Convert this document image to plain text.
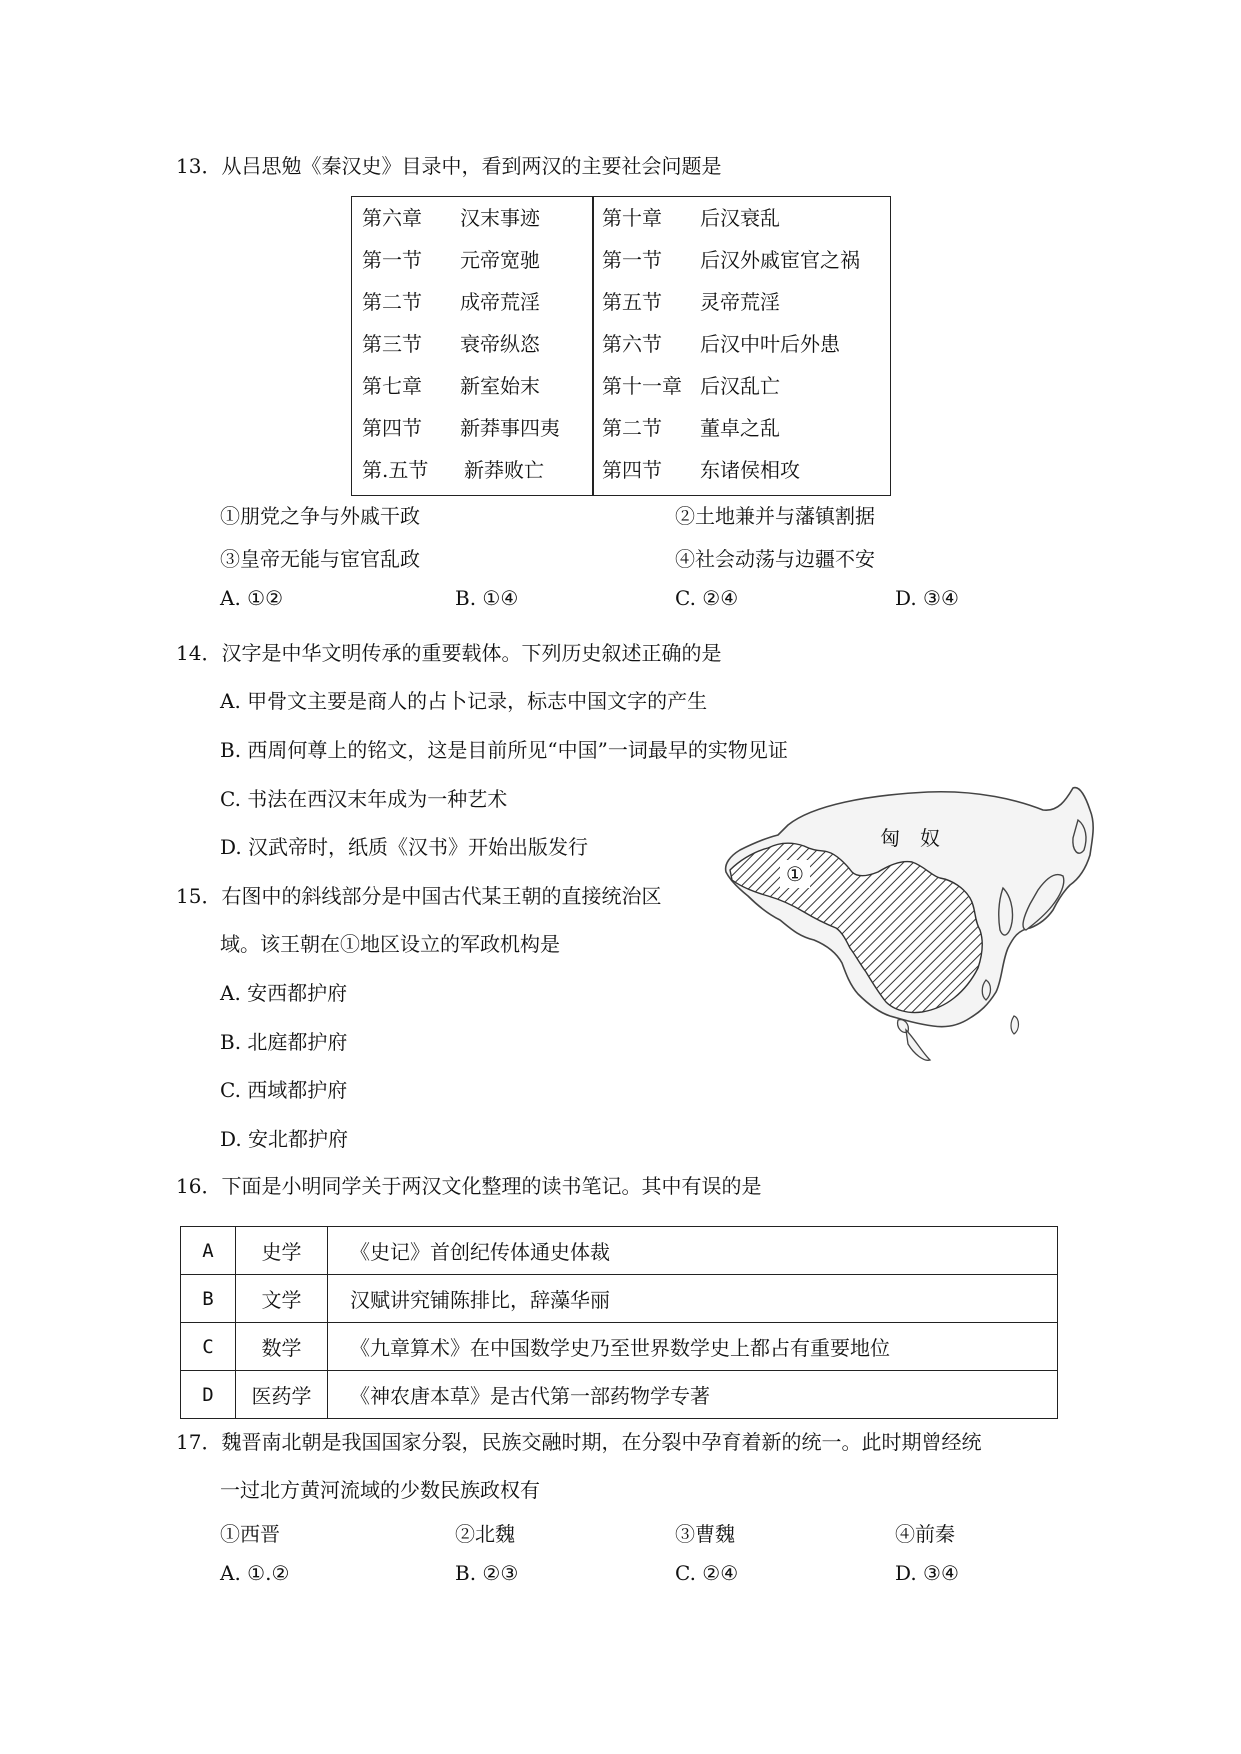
13．从吕思勉《秦汉史》目录中，看到两汉的主要社会问题是
第六章 汉末事迹
第一节 元帝宽驰
第二节 成帝荒淫
第三节 衰帝纵恣
第七章 新室始末
第四节 新莽事四夷
第.五节 新莽败亡
第十章 后汉衰乱
第一节 后汉外戚宦官之祸
第五节 灵帝荒淫
第六节 后汉中叶后外患
第十一章 后汉乱亡
第二节 董卓之乱
第四节 东诸侯相攻
①朋党之争与外戚干政	②土地兼并与藩镇割据
③皇帝无能与宦官乱政	④社会动荡与边疆不安
A. ①②	B. ①④	C. ②④	D. ③④
14．汉字是中华文明传承的重要载体。下列历史叙述正确的是
A. 甲骨文主要是商人的占卜记录，标志中国文字的产生
B. 西周何尊上的铭文，这是目前所见“中国”一词最早的实物见证
C. 书法在西汉末年成为一种艺术
D. 汉武帝时，纸质《汉书》开始出版发行
15．右图中的斜线部分是中国古代某王朝的直接统治区
域。该王朝在①地区设立的军政机构是
A. 安西都护府
B. 北庭都护府
C. 西域都护府
D. 安北都护府
①
匈　奴
16．下面是小明同学关于两汉文化整理的读书笔记。其中有误的是
A	史学	《史记》首创纪传体通史体裁
B	文学	汉赋讲究铺陈排比，辞藻华丽
C	数学	《九章算术》在中国数学史乃至世界数学史上都占有重要地位
D	医药学	《神农唐本草》是古代第一部药物学专著
17．魏晋南北朝是我国国家分裂，民族交融时期，在分裂中孕育着新的统一。此时期曾经统
一过北方黄河流域的少数民族政权有
①西晋	②北魏	③曹魏	④前秦
A. ①.②	B. ②③	C. ②④	D. ③④
